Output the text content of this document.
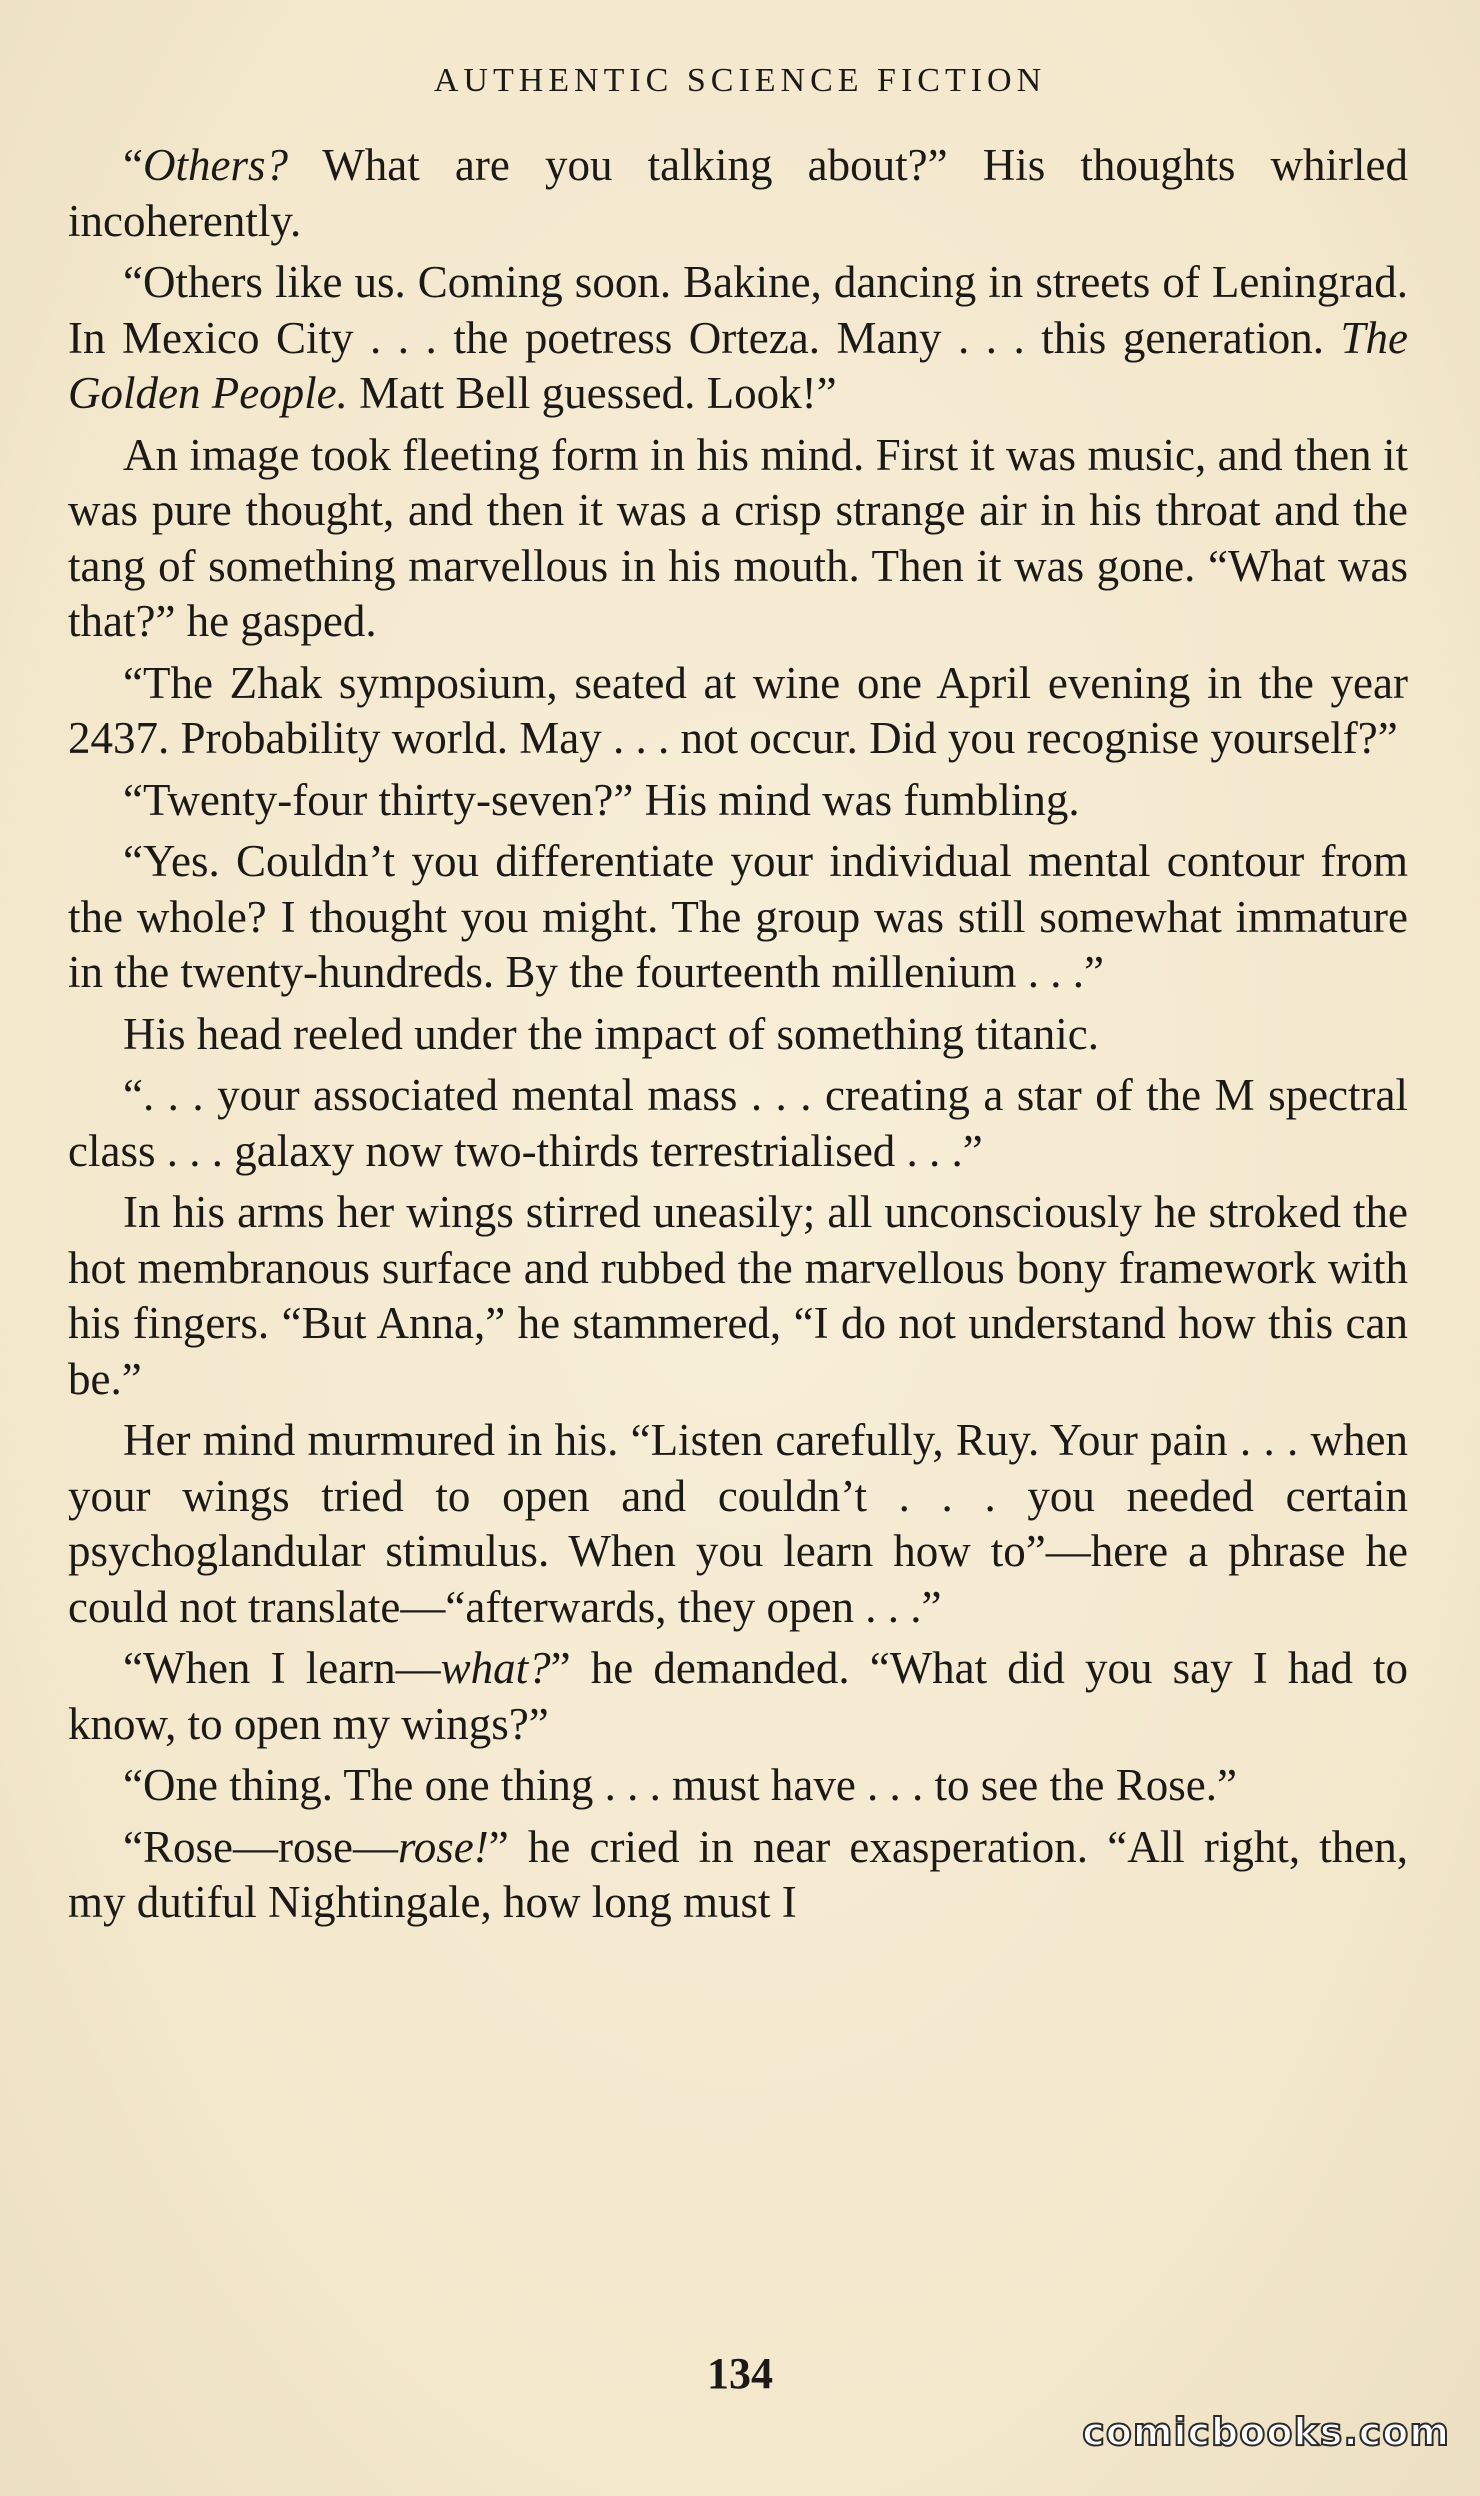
AUTHENTIC SCIENCE FICTION

“Others? What are you talking about?” His thoughts whirled incoherently.

“Others like us. Coming soon. Bakine, dancing in streets of Leningrad. In Mexico City . . . the poetress Orteza. Many . . . this generation. The Golden People. Matt Bell guessed. Look!”

An image took fleeting form in his mind. First it was music, and then it was pure thought, and then it was a crisp strange air in his throat and the tang of something marvellous in his mouth. Then it was gone. “What was that?” he gasped.

“The Zhak symposium, seated at wine one April evening in the year 2437. Probability world. May . . . not occur. Did you recognise yourself?”

“Twenty-four thirty-seven?” His mind was fumbling.

“Yes. Couldn’t you differentiate your individual mental contour from the whole? I thought you might. The group was still somewhat immature in the twenty-hundreds. By the fourteenth millenium . . .”

His head reeled under the impact of something titanic.

“. . . your associated mental mass . . . creating a star of the M spectral class . . . galaxy now two-thirds terrestrialised . . .”

In his arms her wings stirred uneasily; all unconsciously he stroked the hot membranous surface and rubbed the marvellous bony framework with his fingers. “But Anna,” he stammered, “I do not understand how this can be.”

Her mind murmured in his. “Listen carefully, Ruy. Your pain . . . when your wings tried to open and couldn’t . . . you needed certain psychoglandular stimulus. When you learn how to”—here a phrase he could not translate—“afterwards, they open . . .”

“When I learn—what?” he demanded. “What did you say I had to know, to open my wings?”

“One thing. The one thing . . . must have . . . to see the Rose.”

“Rose—rose—rose!” he cried in near exasperation. “All right, then, my dutiful Nightingale, how long must I

134
comicbooks.com
